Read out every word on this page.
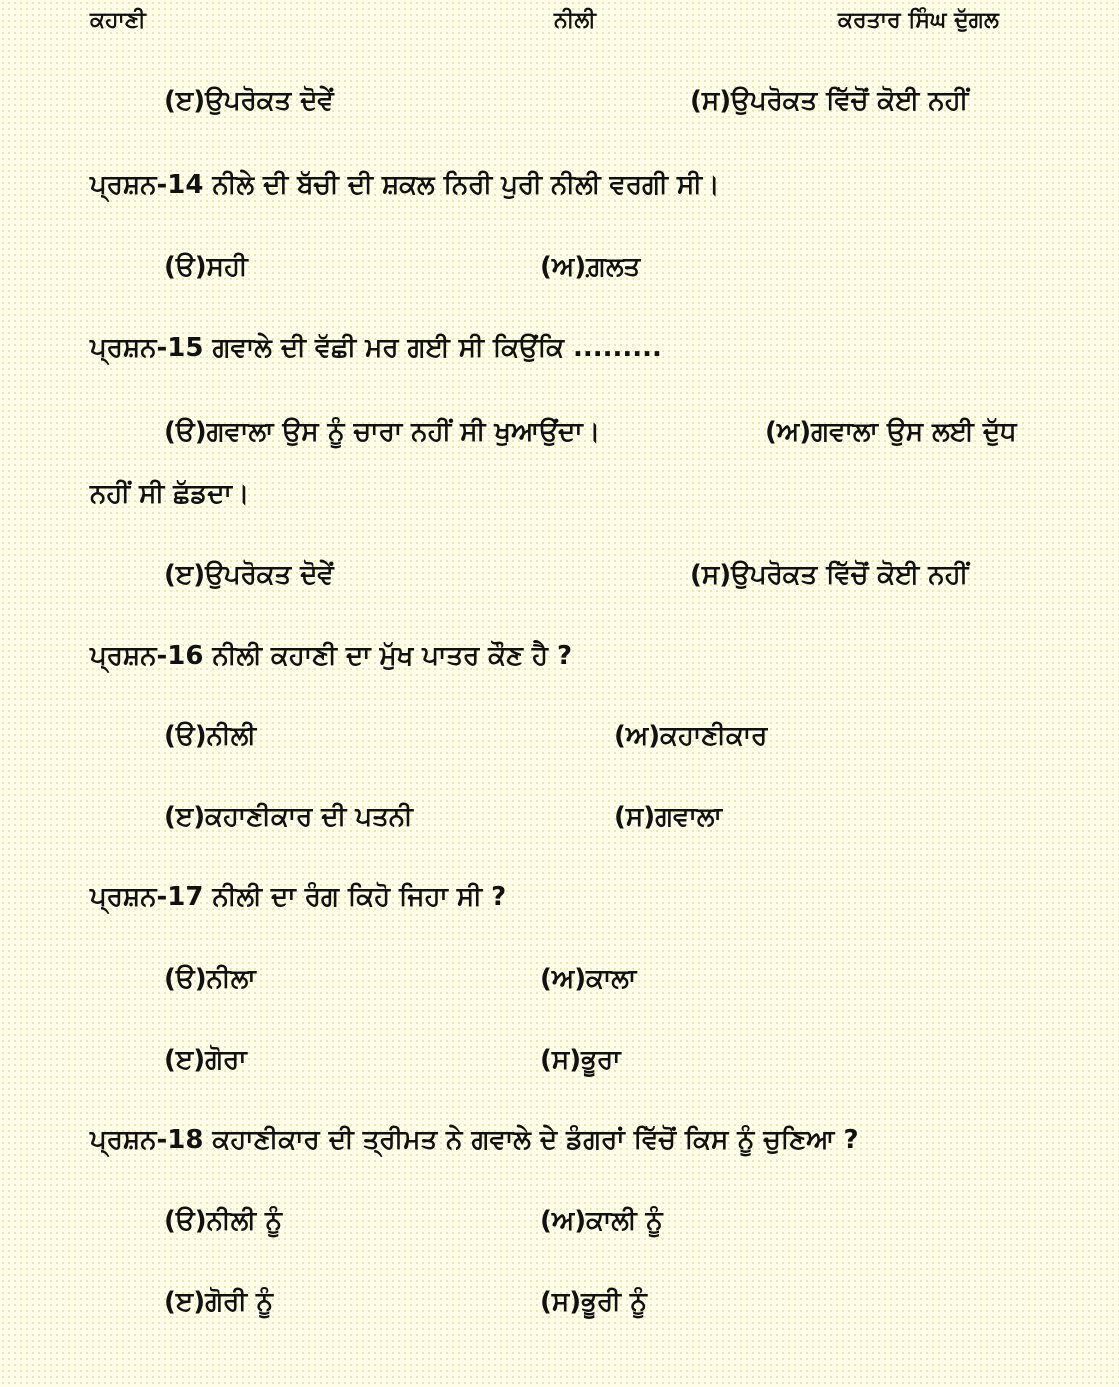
ਕਹਾਣੀ	ਨੀਲੀ	ਕਰਤਾਰ ਸਿੰਘ ਦੁੱਗਲ
(ੲ)ਉਪਰੋਕਤ ਦੋਵੇਂ	(ਸ)ਉਪਰੋਕਤ ਵਿੱਚੋਂ ਕੋਈ ਨਹੀਂ
ਪ੍ਰਸ਼ਨ-14 ਨੀਲੇ ਦੀ ਬੱਚੀ ਦੀ ਸ਼ਕਲ ਨਿਰੀ ਪੁਰੀ ਨੀਲੀ ਵਰਗੀ ਸੀ।
(ੳ)ਸਹੀ	(ਅ)ਗ਼ਲਤ
ਪ੍ਰਸ਼ਨ-15 ਗਵਾਲੇ ਦੀ ਵੱਛੀ ਮਰ ਗਈ ਸੀ ਕਿਉਂਕਿ .........
(ੳ)ਗਵਾਲਾ ਉਸ ਨੂੰ ਚਾਰਾ ਨਹੀਂ ਸੀ ਖੁਆਉਂਦਾ।	(ਅ)ਗਵਾਲਾ ਉਸ ਲਈ ਦੁੱਧ
ਨਹੀਂ ਸੀ ਛੱਡਦਾ।
(ੲ)ਉਪਰੋਕਤ ਦੋਵੇਂ	(ਸ)ਉਪਰੋਕਤ ਵਿੱਚੋਂ ਕੋਈ ਨਹੀਂ
ਪ੍ਰਸ਼ਨ-16 ਨੀਲੀ ਕਹਾਣੀ ਦਾ ਮੁੱਖ ਪਾਤਰ ਕੌਣ ਹੈ ?
(ੳ)ਨੀਲੀ	(ਅ)ਕਹਾਣੀਕਾਰ
(ੲ)ਕਹਾਣੀਕਾਰ ਦੀ ਪਤਨੀ	(ਸ)ਗਵਾਲਾ
ਪ੍ਰਸ਼ਨ-17 ਨੀਲੀ ਦਾ ਰੰਗ ਕਿਹੋ ਜਿਹਾ ਸੀ ?
(ੳ)ਨੀਲਾ	(ਅ)ਕਾਲਾ
(ੲ)ਗੋਰਾ	(ਸ)ਭੂਰਾ
ਪ੍ਰਸ਼ਨ-18 ਕਹਾਣੀਕਾਰ ਦੀ ਤ੍ਰੀਮਤ ਨੇ ਗਵਾਲੇ ਦੇ ਡੰਗਰਾਂ ਵਿੱਚੋਂ ਕਿਸ ਨੂੰ ਚੁਣਿਆ ?
(ੳ)ਨੀਲੀ ਨੂੰ	(ਅ)ਕਾਲੀ ਨੂੰ
(ੲ)ਗੋਰੀ ਨੂੰ	(ਸ)ਭੂਰੀ ਨੂੰ
